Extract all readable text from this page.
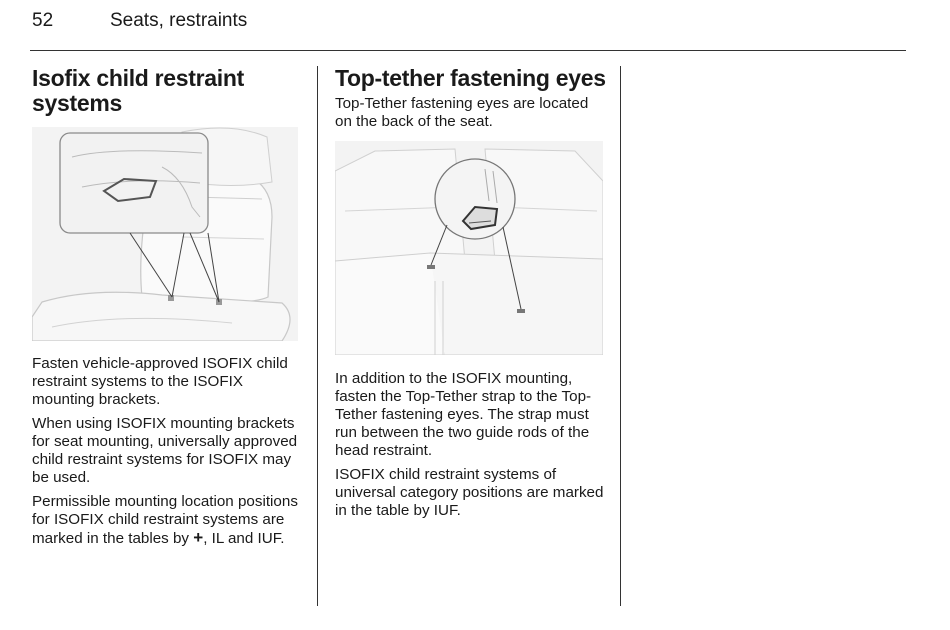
52	Seats, restraints
Isofix child restraint systems

Fasten vehicle-approved ISOFIX child restraint systems to the ISOFIX mounting brackets.

When using ISOFIX mounting brackets for seat mounting, universally approved child restraint systems for ISOFIX may be used.

Permissible mounting location positions for ISOFIX child restraint systems are marked in the tables by +, IL and IUF.

Top-tether fastening eyes

Top-Tether fastening eyes are located on the back of the seat.

In addition to the ISOFIX mounting, fasten the Top-Tether strap to the Top-Tether fastening eyes. The strap must run between the two guide rods of the head restraint.

ISOFIX child restraint systems of universal category positions are marked in the table by IUF.
